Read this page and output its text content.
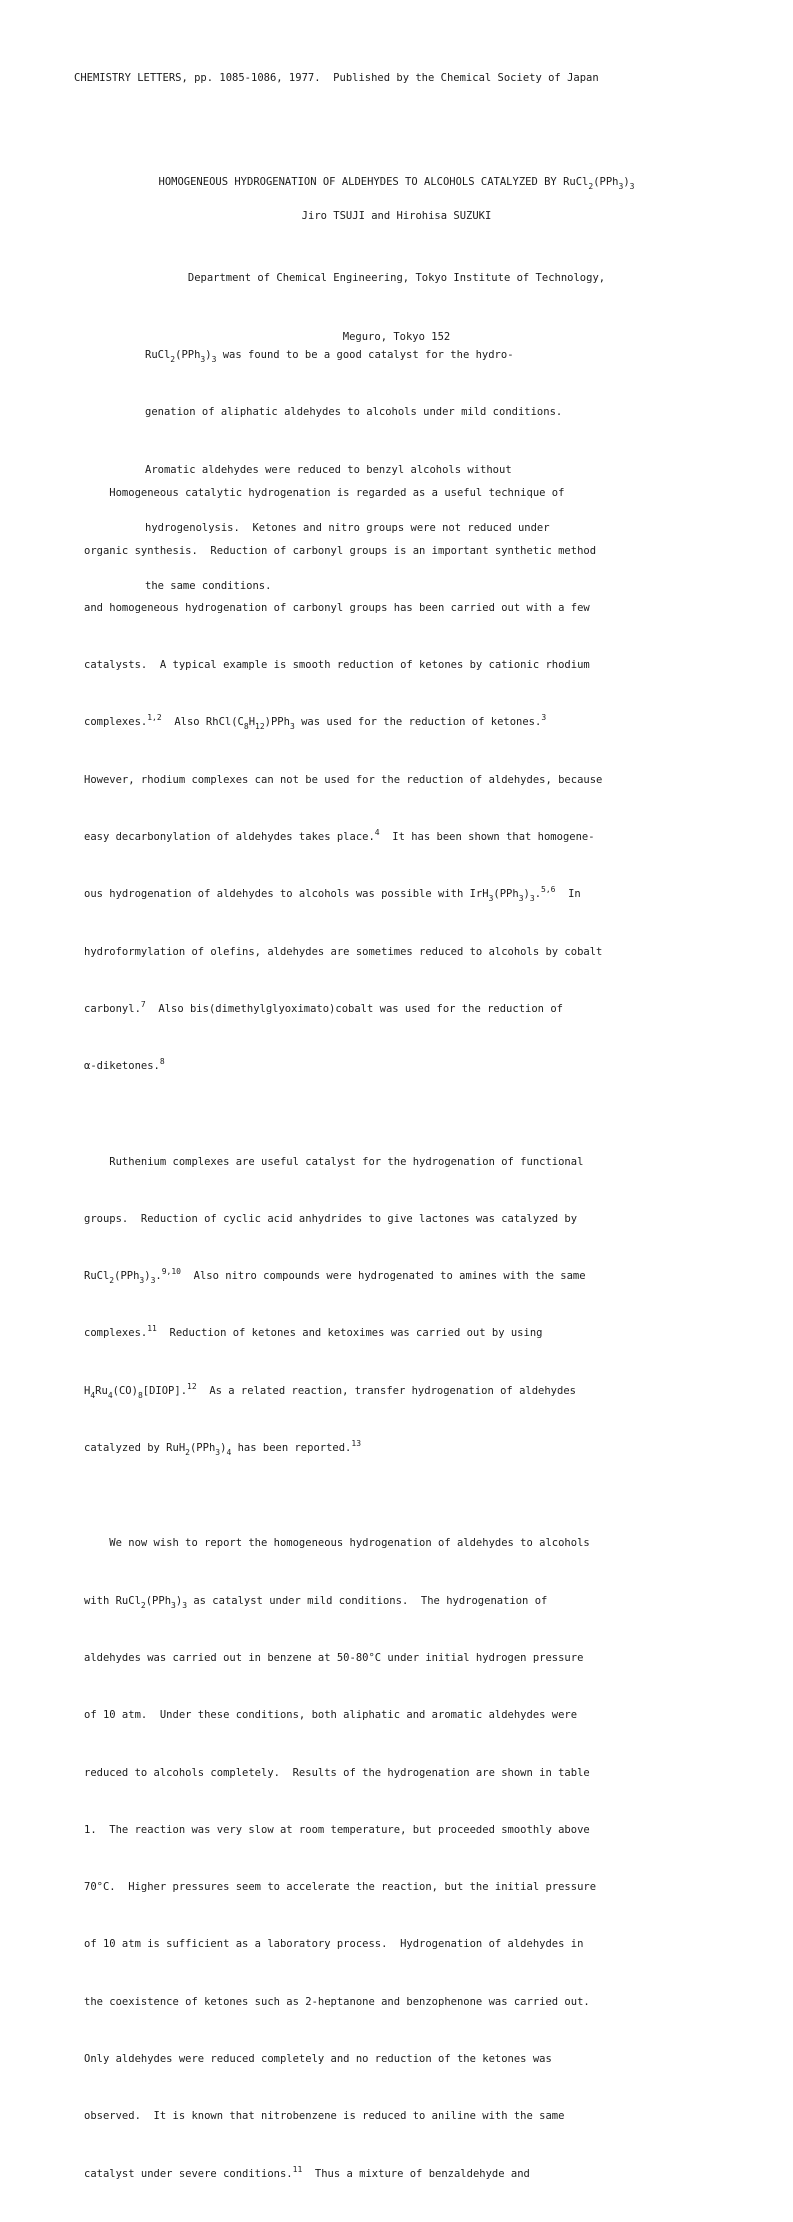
CHEMISTRY LETTERS, pp. 1085-1086, 1977.  Published by the Chemical Society of Japan
HOMOGENEOUS HYDROGENATION OF ALDEHYDES TO ALCOHOLS CATALYZED BY $RuCl_2(PPh_3)_3$
Jiro TSUJI and Hirohisa SUZUKI

Department of Chemical Engineering, Tokyo Institute of Technology,

Meguro, Tokyo 152

$RuCl_2(PPh_3)_3$ was found to be a good catalyst for the hydro-

genation of aliphatic aldehydes to alcohols under mild conditions.

Aromatic aldehydes were reduced to benzyl alcohols without

hydrogenolysis.  Ketones and nitro groups were not reduced under

the same conditions.

Homogeneous catalytic hydrogenation is regarded as a useful technique of

organic synthesis.  Reduction of carbonyl groups is an important synthetic method

and homogeneous hydrogenation of carbonyl groups has been carried out with a few

catalysts.  A typical example is smooth reduction of ketones by cationic rhodium

complexes.$^{1,2}$  Also $RhCl(C_8H_{12})PPh_3$ was used for the reduction of ketones.$^3$

However, rhodium complexes can not be used for the reduction of aldehydes, because

easy decarbonylation of aldehydes takes place.$^4$  It has been shown that homogene-

ous hydrogenation of aldehydes to alcohols was possible with $IrH_3(PPh_3)_3.^{5,6}$  In

hydroformylation of olefins, aldehydes are sometimes reduced to alcohols by cobalt

carbonyl.$^7$  Also bis(dimethylglyoximato)cobalt was used for the reduction of

α-diketones.$^8$

Ruthenium complexes are useful catalyst for the hydrogenation of functional

groups.  Reduction of cyclic acid anhydrides to give lactones was catalyzed by

$RuCl_2(PPh_3)_3.^{9,10}$  Also nitro compounds were hydrogenated to amines with the same

complexes.$^{11}$  Reduction of ketones and ketoximes was carried out by using

$H_4Ru_4(CO)_8[DIOP].^{12}$  As a related reaction, transfer hydrogenation of aldehydes

catalyzed by $RuH_2(PPh_3)_4$ has been reported.$^{13}$

We now wish to report the homogeneous hydrogenation of aldehydes to alcohols

with $RuCl_2(PPh_3)_3$ as catalyst under mild conditions.  The hydrogenation of

aldehydes was carried out in benzene at 50-80°C under initial hydrogen pressure

of 10 atm.  Under these conditions, both aliphatic and aromatic aldehydes were

reduced to alcohols completely.  Results of the hydrogenation are shown in table

1.  The reaction was very slow at room temperature, but proceeded smoothly above

70°C.  Higher pressures seem to accelerate the reaction, but the initial pressure

of 10 atm is sufficient as a laboratory process.  Hydrogenation of aldehydes in

the coexistence of ketones such as 2-heptanone and benzophenone was carried out.

Only aldehydes were reduced completely and no reduction of the ketones was

observed.  It is known that nitrobenzene is reduced to aniline with the same

catalyst under severe conditions.$^{11}$  Thus a mixture of benzaldehyde and
